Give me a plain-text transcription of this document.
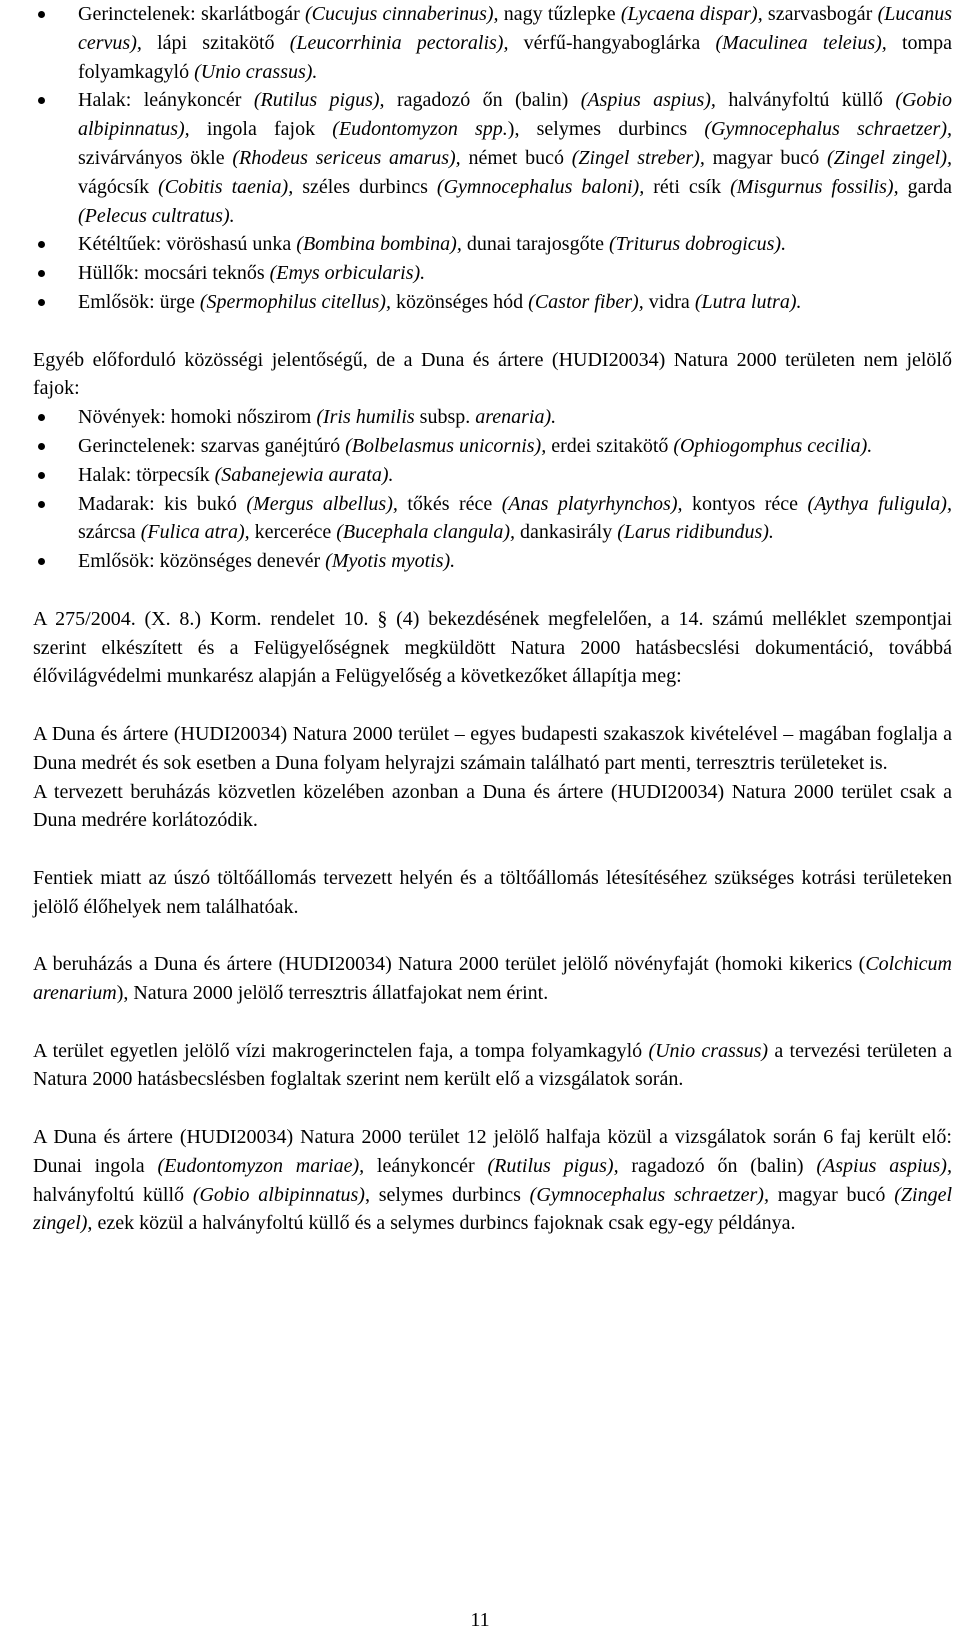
Gerinctelenek: skarlátbogár (Cucujus cinnaberinus), nagy tűzlepke (Lycaena dispar), szarvasbogár (Lucanus cervus), lápi szitakötő (Leucorrhinia pectoralis), vérfű-hangyaboglárka (Maculinea teleius), tompa folyamkagyló (Unio crassus).
Halak: leánykoncér (Rutilus pigus), ragadozó őn (balin) (Aspius aspius), halványfoltú küllő (Gobio albipinnatus), ingola fajok (Eudontomyzon spp.), selymes durbincs (Gymnocephalus schraetzer), szivárványos ökle (Rhodeus sericeus amarus), német bucó (Zingel streber), magyar bucó (Zingel zingel), vágócsík (Cobitis taenia), széles durbincs (Gymnocephalus baloni), réti csík (Misgurnus fossilis), garda (Pelecus cultratus).
Kétéltűek: vöröshasú unka (Bombina bombina), dunai tarajosgőte (Triturus dobrogicus).
Hüllők: mocsári teknős (Emys orbicularis).
Emlősök: ürge (Spermophilus citellus), közönséges hód (Castor fiber), vidra (Lutra lutra).

Egyéb előforduló közösségi jelentőségű, de a Duna és ártere (HUDI20034) Natura 2000 területen nem jelölő fajok:

Növények: homoki nőszirom (Iris humilis subsp. arenaria).
Gerinctelenek: szarvas ganéjtúró (Bolbelasmus unicornis), erdei szitakötő (Ophiogomphus cecilia).
Halak: törpecsík (Sabanejewia aurata).
Madarak: kis bukó (Mergus albellus), tőkés réce (Anas platyrhynchos), kontyos réce (Aythya fuligula), szárcsa (Fulica atra), kerceréce (Bucephala clangula), dankasirály (Larus ridibundus).
Emlősök: közönséges denevér (Myotis myotis).

A 275/2004. (X. 8.) Korm. rendelet 10. § (4) bekezdésének megfelelően, a 14. számú melléklet szempontjai szerint elkészített és a Felügyelőségnek megküldött Natura 2000 hatásbecslési dokumentáció, továbbá élővilágvédelmi munkarész alapján a Felügyelőség a következőket állapítja meg:

A Duna és ártere (HUDI20034) Natura 2000 terület – egyes budapesti szakaszok kivételével – magában foglalja a Duna medrét és sok esetben a Duna folyam helyrajzi számain található part menti, terresztris területeket is.

A tervezett beruházás közvetlen közelében azonban a Duna és ártere (HUDI20034) Natura 2000 terület csak a Duna medrére korlátozódik.

Fentiek miatt az úszó töltőállomás tervezett helyén és a töltőállomás létesítéséhez szükséges kotrási területeken jelölő élőhelyek nem találhatóak.

A beruházás a Duna és ártere (HUDI20034) Natura 2000 terület jelölő növényfaját (homoki kikerics (Colchicum arenarium), Natura 2000 jelölő terresztris állatfajokat nem érint.

A terület egyetlen jelölő vízi makrogerinctelen faja, a tompa folyamkagyló (Unio crassus) a tervezési területen a Natura 2000 hatásbecslésben foglaltak szerint nem került elő a vizsgálatok során.

A Duna és ártere (HUDI20034) Natura 2000 terület 12 jelölő halfaja közül a vizsgálatok során 6 faj került elő: Dunai ingola (Eudontomyzon mariae), leánykoncér (Rutilus pigus), ragadozó őn (balin) (Aspius aspius), halványfoltú küllő (Gobio albipinnatus), selymes durbincs (Gymnocephalus schraetzer), magyar bucó (Zingel zingel), ezek közül a halványfoltú küllő és a selymes durbincs fajoknak csak egy-egy példánya.

11
